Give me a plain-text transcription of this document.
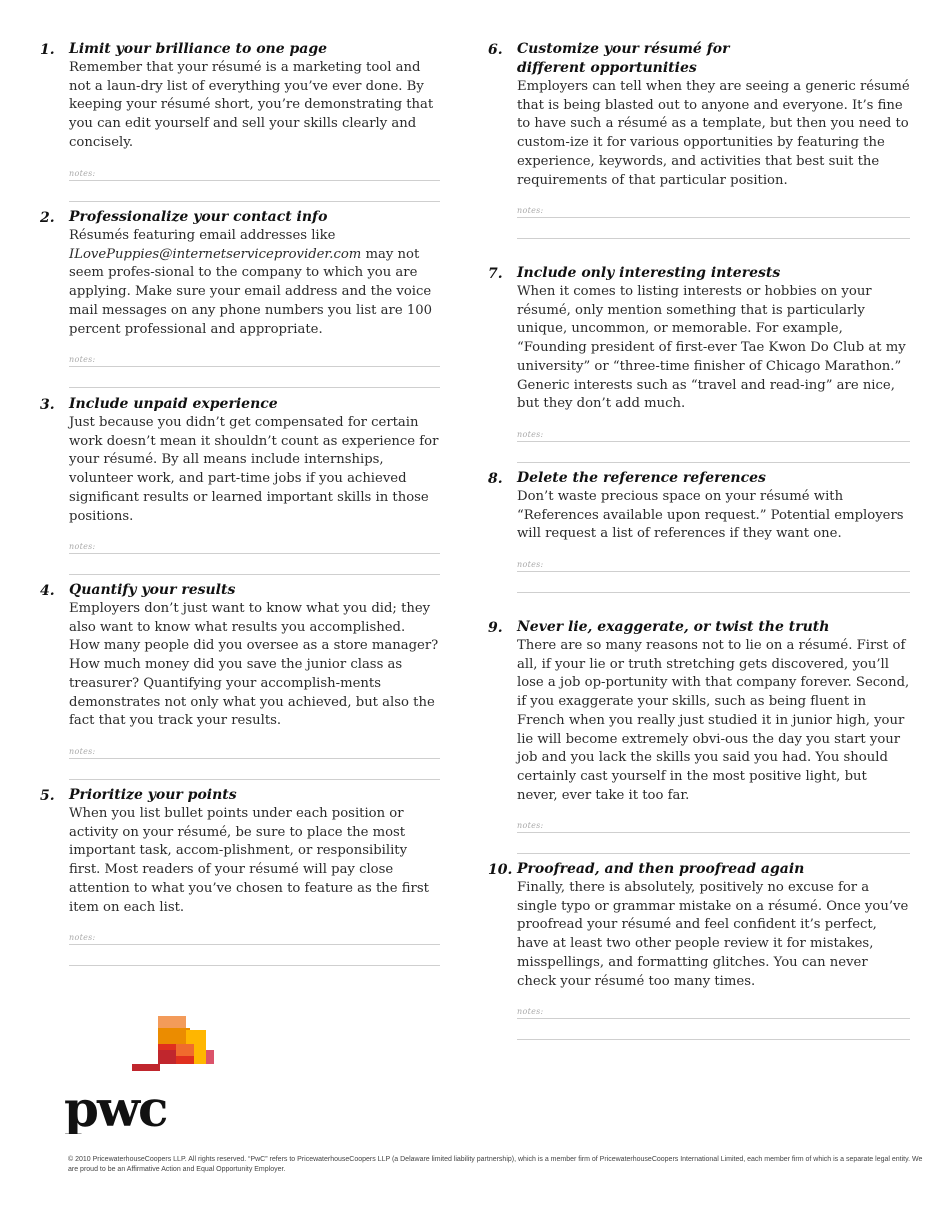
1.	Limit your brilliance to one page

Remember that your résumé is a marketing tool and not a laun-dry list of everything you’ve ever done. By keeping your résumé short, you’re demonstrating that you can edit yourself and sell your skills clearly and concisely.

notes:
2.	Professionalize your contact info

Résumés featuring email addresses like ILovePuppies@internetserviceprovider.com may not seem profes-sional to the company to which you are applying. Make sure your email address and the voice mail messages on any phone numbers you list are 100 percent professional and appropriate.

notes:
3.	Include unpaid experience

Just because you didn’t get compensated for certain work doesn’t mean it shouldn’t count as experience for your résumé. By all means include internships, volunteer work, and part-time jobs if you achieved significant results or learned important skills in those positions.

notes:
4.	Quantify your results

Employers don’t just want to know what you did; they also want to know what results you accomplished. How many people did you oversee as a store manager? How much money did you save the junior class as treasurer? Quantifying your accomplish-ments demonstrates not only what you achieved, but also the fact that you track your results.

notes:
5.	Prioritize your points

When you list bullet points under each position or activity on your résumé, be sure to place the most important task, accom-plishment, or responsibility first. Most readers of your résumé will pay close attention to what you’ve chosen to feature as the first item on each list.

notes:
6.	Customize your résumé for different opportunities

Employers can tell when they are seeing a generic résumé that is being blasted out to anyone and everyone. It’s fine to have such a résumé as a template, but then you need to custom-ize it for various opportunities by featuring the experience, keywords, and activities that best suit the requirements of that particular position.

notes:
7.	Include only interesting interests

When it comes to listing interests or hobbies on your résumé, only mention something that is particularly unique, uncommon, or memorable. For example, “Founding president of first-ever Tae Kwon Do Club at my university” or “three-time finisher of Chicago Marathon.” Generic interests such as “travel and read-ing” are nice, but they don’t add much.

notes:
8.	Delete the reference references

Don’t waste precious space on your résumé with “References available upon request.” Potential employers will request a list of references if they want one.

notes:
9.	Never lie, exaggerate, or twist the truth

There are so many reasons not to lie on a résumé. First of all, if your lie or truth stretching gets discovered, you’ll lose a job op-portunity with that company forever. Second, if you exaggerate your skills, such as being fluent in French when you really just studied it in junior high, your lie will become extremely obvi-ous the day you start your job and you lack the skills you said you had. You should certainly cast yourself in the most positive light, but never, ever take it too far.

notes:
10. Proofread, and then proofread again

Finally, there is absolutely, positively no excuse for a single typo or grammar mistake on a résumé. Once you’ve proofread your résumé and feel confident it’s perfect, have at least two other people review it for mistakes, misspellings, and formatting glitches. You can never check your résumé too many times.

notes:
pwc
© 2010 PricewaterhouseCoopers LLP. All rights reserved. “PwC” refers to PricewaterhouseCoopers LLP (a Delaware limited liability partnership), which is a member firm of PricewaterhouseCoopers International Limited, each member firm of which is a separate legal entity. We are proud to be an Affirmative Action and Equal Opportunity Employer.
